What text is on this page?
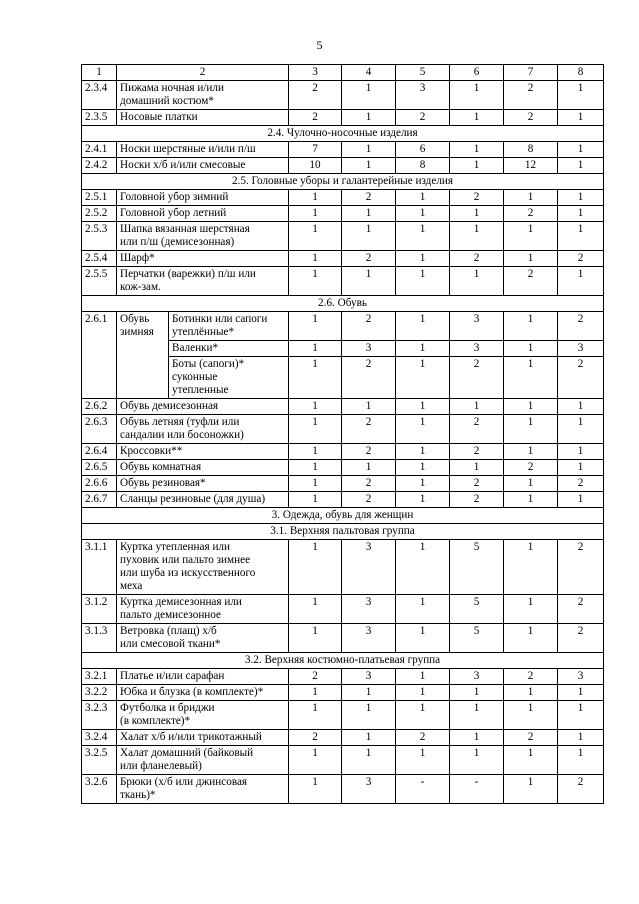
5
1	2		3	4	5	6	7	8
2.3.4	Пижама ночная и/или
домашний костюм*		2	1	3	1	2	1
2.3.5	Носовые платки		2	1	2	1	2	1
2.4. Чулочно-носочные изделия								
2.4.1	Носки шерстяные и/или п/ш		7	1	6	1	8	1
2.4.2	Носки х/б и/или смесовые		10	1	8	1	12	1
2.5. Головные уборы и галантерейные изделия								
2.5.1	Головной убор зимний		1	2	1	2	1	1
2.5.2	Головной убор летний		1	1	1	1	2	1
2.5.3	Шапка вязанная шерстяная
или п/ш (демисезонная)		1	1	1	1	1	1
2.5.4	Шарф*		1	2	1	2	1	2
2.5.5	Перчатки (варежки) п/ш или
кож-зам.		1	1	1	1	2	1
2.6. Обувь								
2.6.1	Обувь
зимняя	Ботинки или сапоги
утеплённые*	1	2	1	3	1	2
		Валенки*	1	3	1	3	1	3
		Боты (сапоги)*
суконные
утепленные	1	2	1	2	1	2
2.6.2	Обувь демисезонная		1	1	1	1	1	1
2.6.3	Обувь летняя (туфли или
сандалии или босоножки)		1	2	1	2	1	1
2.6.4	Кроссовки**		1	2	1	2	1	1
2.6.5	Обувь комнатная		1	1	1	1	2	1
2.6.6	Обувь резиновая*		1	2	1	2	1	2
2.6.7	Сланцы резиновые (для душа)		1	2	1	2	1	1
3. Одежда, обувь для женщин								
3.1. Верхняя пальтовая группа								
3.1.1	Куртка утепленная или
пуховик или пальто зимнее
или шуба из искусственного
меха		1	3	1	5	1	2
3.1.2	Куртка демисезонная или
пальто демисезонное		1	3	1	5	1	2
3.1.3	Ветровка (плащ) х/б
или смесовой ткани*		1	3	1	5	1	2
3.2. Верхняя костюмно-платьевая группа								
3.2.1	Платье и/или сарафан		2	3	1	3	2	3
3.2.2	Юбка и блузка (в комплекте)*		1	1	1	1	1	1
3.2.3	Футболка и бриджи
(в комплекте)*		1	1	1	1	1	1
3.2.4	Халат х/б и/или трикотажный		2	1	2	1	2	1
3.2.5	Халат домашний (байковый
или фланелевый)		1	1	1	1	1	1
3.2.6	Брюки (х/б или джинсовая
ткань)*		1	3	-	-	1	2
